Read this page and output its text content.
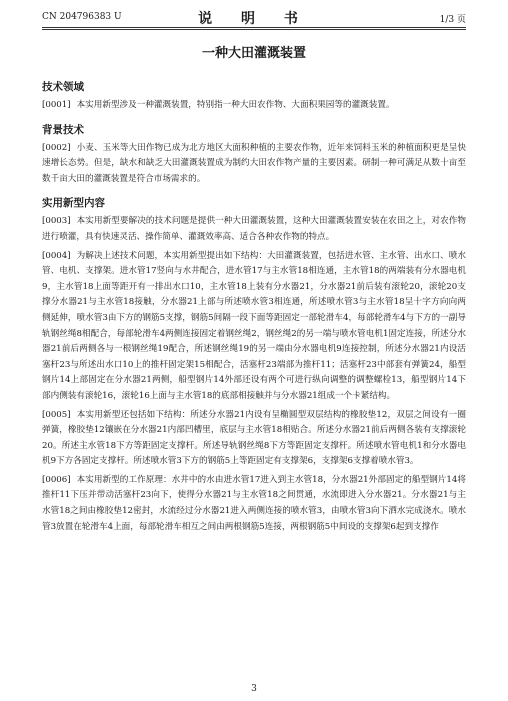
CN 204796383 U	说 明 书	1/3 页
一种大田灌溉装置
技术领域

[0001] 本实用新型涉及一种灌溉装置，特别指一种大田农作物、大面积果园等的灌溉装置。

背景技术

[0002] 小麦、玉米等大田作物已成为北方地区大面积种植的主要农作物，近年来饲料玉米的种植面积更是呈快速增长态势。但是，缺水和缺乏大田灌溉装置成为制约大田农作物产量的主要因素。研制一种可满足从数十亩至数千亩大田的灌溉装置是符合市场需求的。

实用新型内容

[0003] 本实用新型要解决的技术问题是提供一种大田灌溉装置，这种大田灌溉装置安装在农田之上，对农作物进行喷灌，具有快速灵活、操作简单、灌溉效率高、适合各种农作物的特点。

[0004] 为解决上述技术问题，本实用新型提出如下结构：大田灌溉装置，包括进水管、主水管、出水口、喷水管、电机、支撑架。进水管17竖向与水井配合，进水管17与主水管18相连通，主水管18的两端装有分水器电机9，主水管18上面等距开有一排出水口10，主水管18上装有分水器21，分水器21前后装有滚轮20，滚轮20支撑分水器21与主水管18接触，分水器21上部与所述喷水管3相连通，所述喷水管3与主水管18呈十字方向向两侧延伸，喷水管3由下方的钢筋5支撑，钢筋5间隔一段下面等距固定一部轮滑车4，每部轮滑车4与下方的一副导轨钢丝绳8相配合，每部轮滑车4两侧连接固定着钢丝绳2，钢丝绳2的另一端与喷水管电机1固定连接，所述分水器21前后两侧各与一根钢丝绳19配合，所述钢丝绳19的另一端由分水器电机9连接控制，所述分水器21内设活塞杆23与所述出水口10上的推杆固定架15相配合，活塞杆23端部为推杆11；活塞杆23中部套有弹簧24，船型钢片14上部固定在分水器21两侧，船型钢片14外部还设有两个可进行纵向调整的调整螺栓13，船型钢片14下部内侧装有滚轮16，滚轮16上面与主水管18的底部相接触并与分水器21组成一个卡紧结构。

[0005] 本实用新型还包括如下结构：所述分水器21内设有呈椭圆型双层结构的橡胶垫12，双层之间设有一圈弹簧，橡胶垫12镶嵌在分水器21内部凹槽里，底层与主水管18相贴合。所述分水器21前后两侧各装有支撑滚轮20。所述主水管18下方等距固定支撑杆。所述导轨钢丝绳8下方等距固定支撑杆。所述喷水管电机1和分水器电机9下方各固定支撑杆。所述喷水管3下方的钢筋5上等距固定有支撑架6，支撑架6支撑着喷水管3。

[0006] 本实用新型的工作原理：水井中的水由进水管17进入到主水管18，分水器21外部固定的船型钢片14将推杆11下压并带动活塞杆23向下，使得分水器21与主水管18之间贯通，水流即进入分水器21。分水器21与主水管18之间由橡胶垫12密封，水流经过分水器21进入两侧连接的喷水管3，由喷水管3向下洒水完成浇水。喷水管3放置在轮滑车4上面，每部轮滑车相互之间由两根钢筋5连接，两根钢筋5中间设的支撑架6起到支撑作

3
